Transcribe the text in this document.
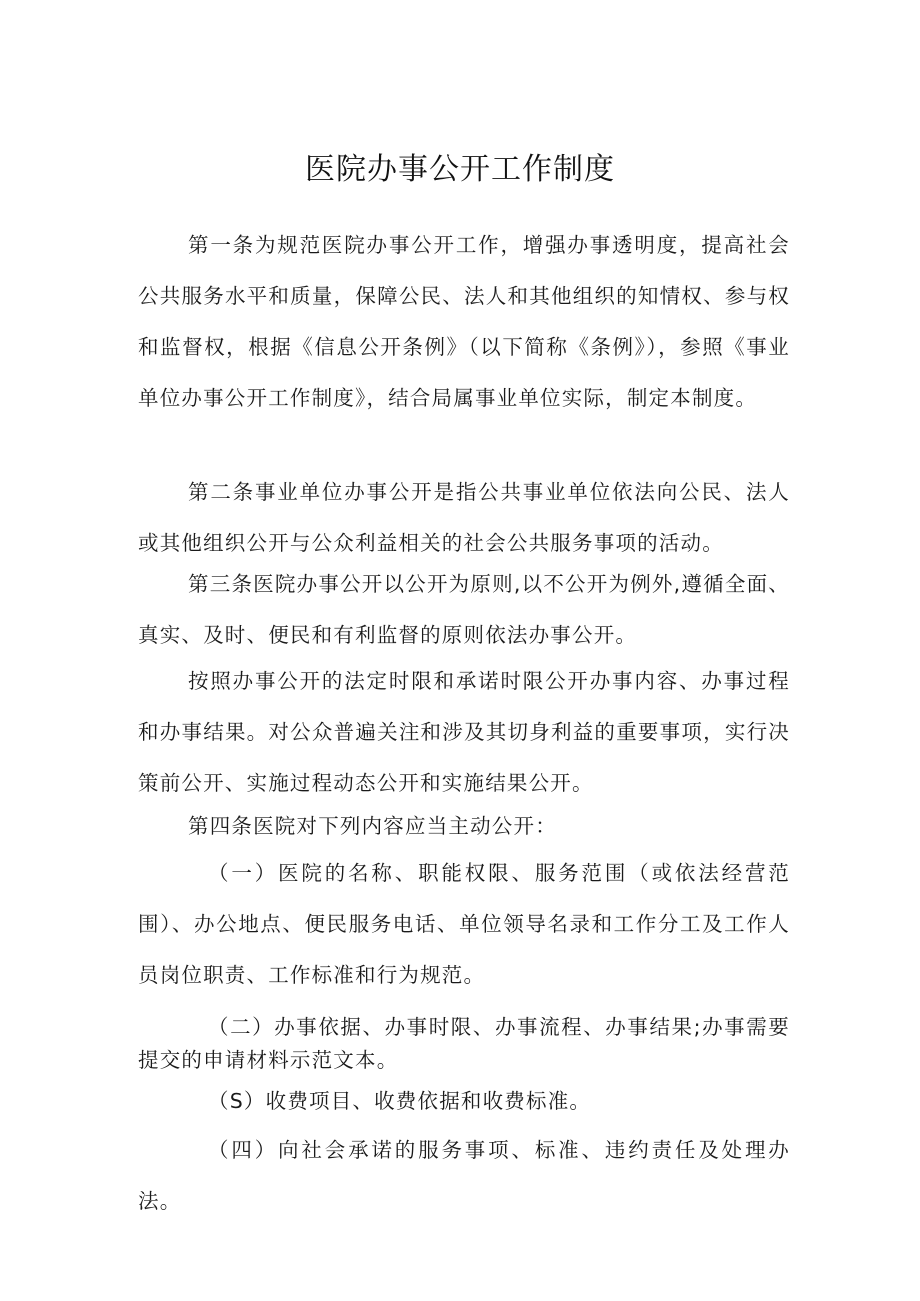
医院办事公开工作制度

第一条为规范医院办事公开工作，增强办事透明度，提高社会公共服务水平和质量，保障公民、法人和其他组织的知情权、参与权和监督权，根据《信息公开条例》（以下简称《条例》），参照《事业单位办事公开工作制度》，结合局属事业单位实际，制定本制度。

第二条事业单位办事公开是指公共事业单位依法向公民、法人或其他组织公开与公众利益相关的社会公共服务事项的活动。

第三条医院办事公开以公开为原则,以不公开为例外,遵循全面、真实、及时、便民和有利监督的原则依法办事公开。

按照办事公开的法定时限和承诺时限公开办事内容、办事过程和办事结果。对公众普遍关注和涉及其切身利益的重要事项，实行决策前公开、实施过程动态公开和实施结果公开。

第四条医院对下列内容应当主动公开：

（一）医院的名称、职能权限、服务范围（或依法经营范围）、办公地点、便民服务电话、单位领导名录和工作分工及工作人员岗位职责、工作标准和行为规范。

（二）办事依据、办事时限、办事流程、办事结果;办事需要提交的申请材料示范文本。

（S）收费项目、收费依据和收费标准。

（四）向社会承诺的服务事项、标准、违约责任及处理办法。
